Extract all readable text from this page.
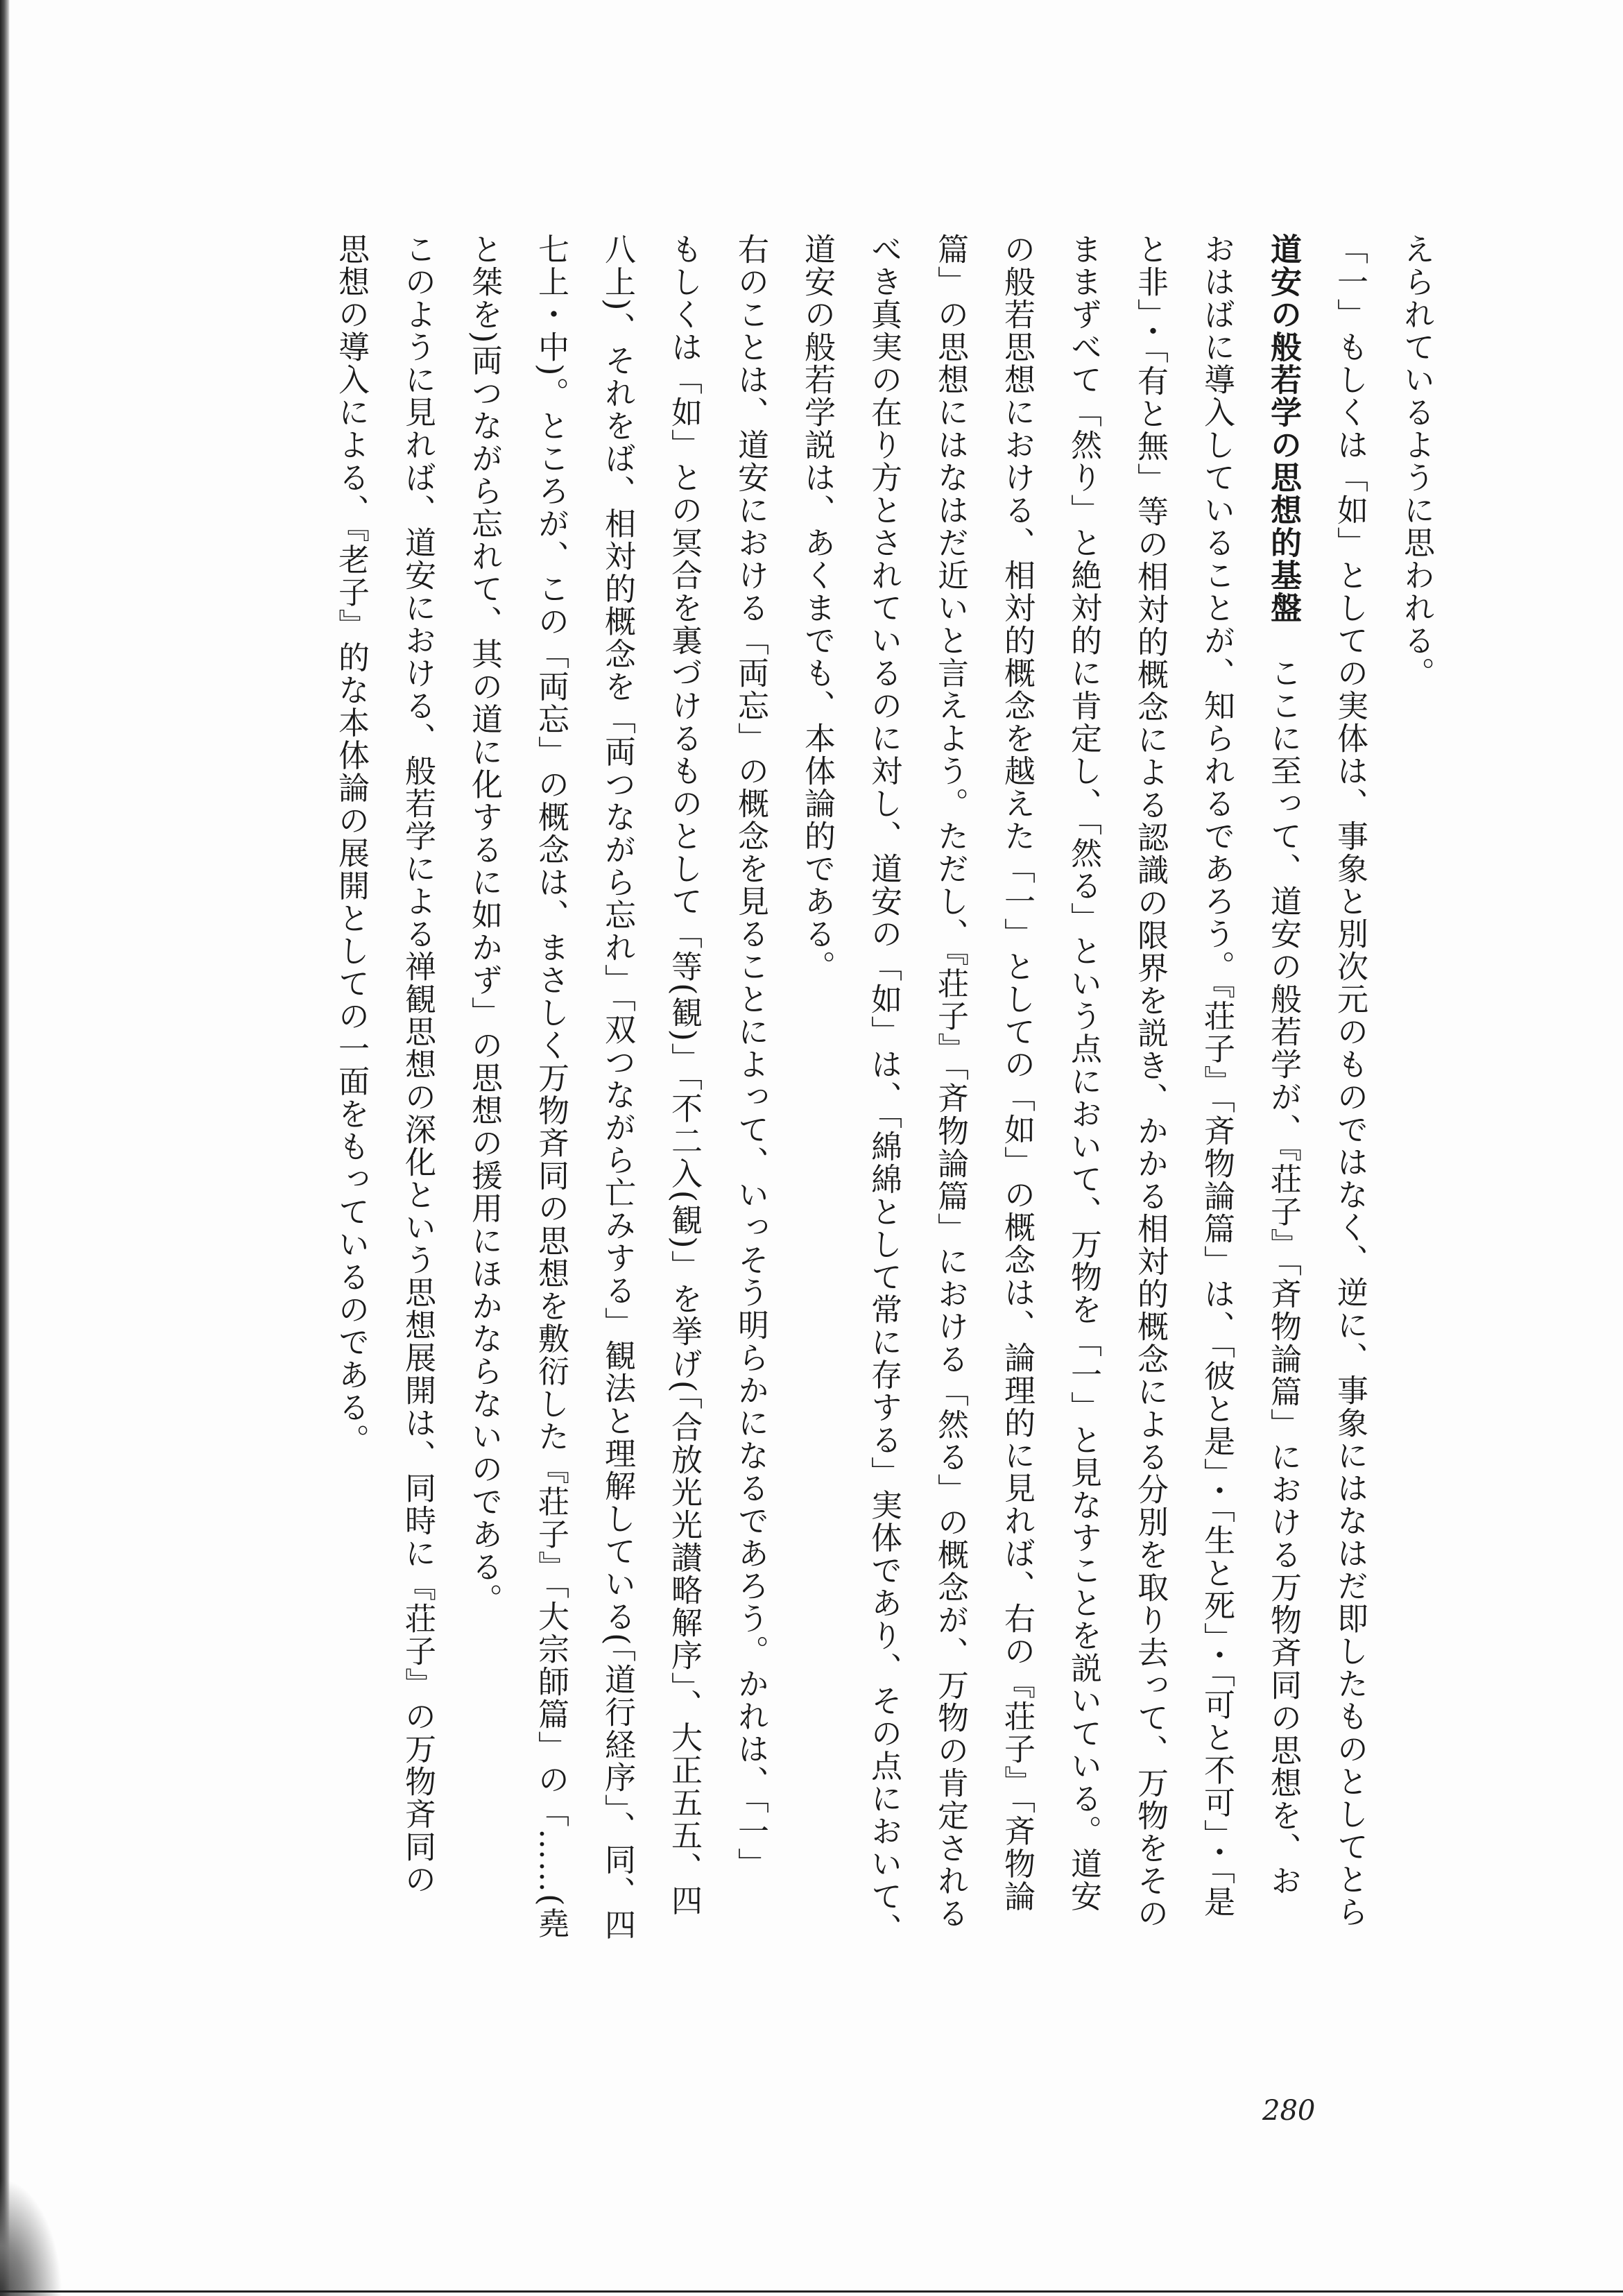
えられているように思われる。

「一」もしくは「如」としての実体は、事象と別次元のものではなく、逆に、事象にはなはだ即したものとしてとら

道安の般若学の思想的基盤　ここに至って、道安の般若学が、『荘子』「斉物論篇」における万物斉同の思想を、お

おはばに導入していることが、知られるであろう。『荘子』「斉物論篇」は、「彼と是」・「生と死」・「可と不可」・「是

と非」・「有と無」等の相対的概念による認識の限界を説き、かかる相対的概念による分別を取り去って、万物をその

ままずべて「然り」と絶対的に肯定し、「然る」という点において、万物を「一」と見なすことを説いている。道安

の般若思想における、相対的概念を越えた「一」としての「如」の概念は、論理的に見れば、右の『荘子』「斉物論

篇」の思想にはなはだ近いと言えよう。ただし、『荘子』「斉物論篇」における「然る」の概念が、万物の肯定される

べき真実の在り方とされているのに対し、道安の「如」は、「綿綿として常に存する」実体であり、その点において、

道安の般若学説は、あくまでも、本体論的である。

右のことは、道安における「両忘」の概念を見ることによって、いっそう明らかになるであろう。かれは、「一」

もしくは「如」との冥合を裏づけるものとして「等(観)」「不二入(観)」を挙げ(「合放光光讃略解序」、大正五五、四

八上)、それをば、相対的概念を「両つながら忘れ」「双つながら亡みする」観法と理解している(「道行経序」、同、四

七上・中)。ところが、この「両忘」の概念は、まさしく万物斉同の思想を敷衍した『荘子』「大宗師篇」の「……(堯

と桀を)両つながら忘れて、其の道に化するに如かず」の思想の援用にほかならないのである。

このように見れば、道安における、般若学による禅観思想の深化という思想展開は、同時に『荘子』の万物斉同の

思想の導入による、『老子』的な本体論の展開としての一面をもっているのである。

280
